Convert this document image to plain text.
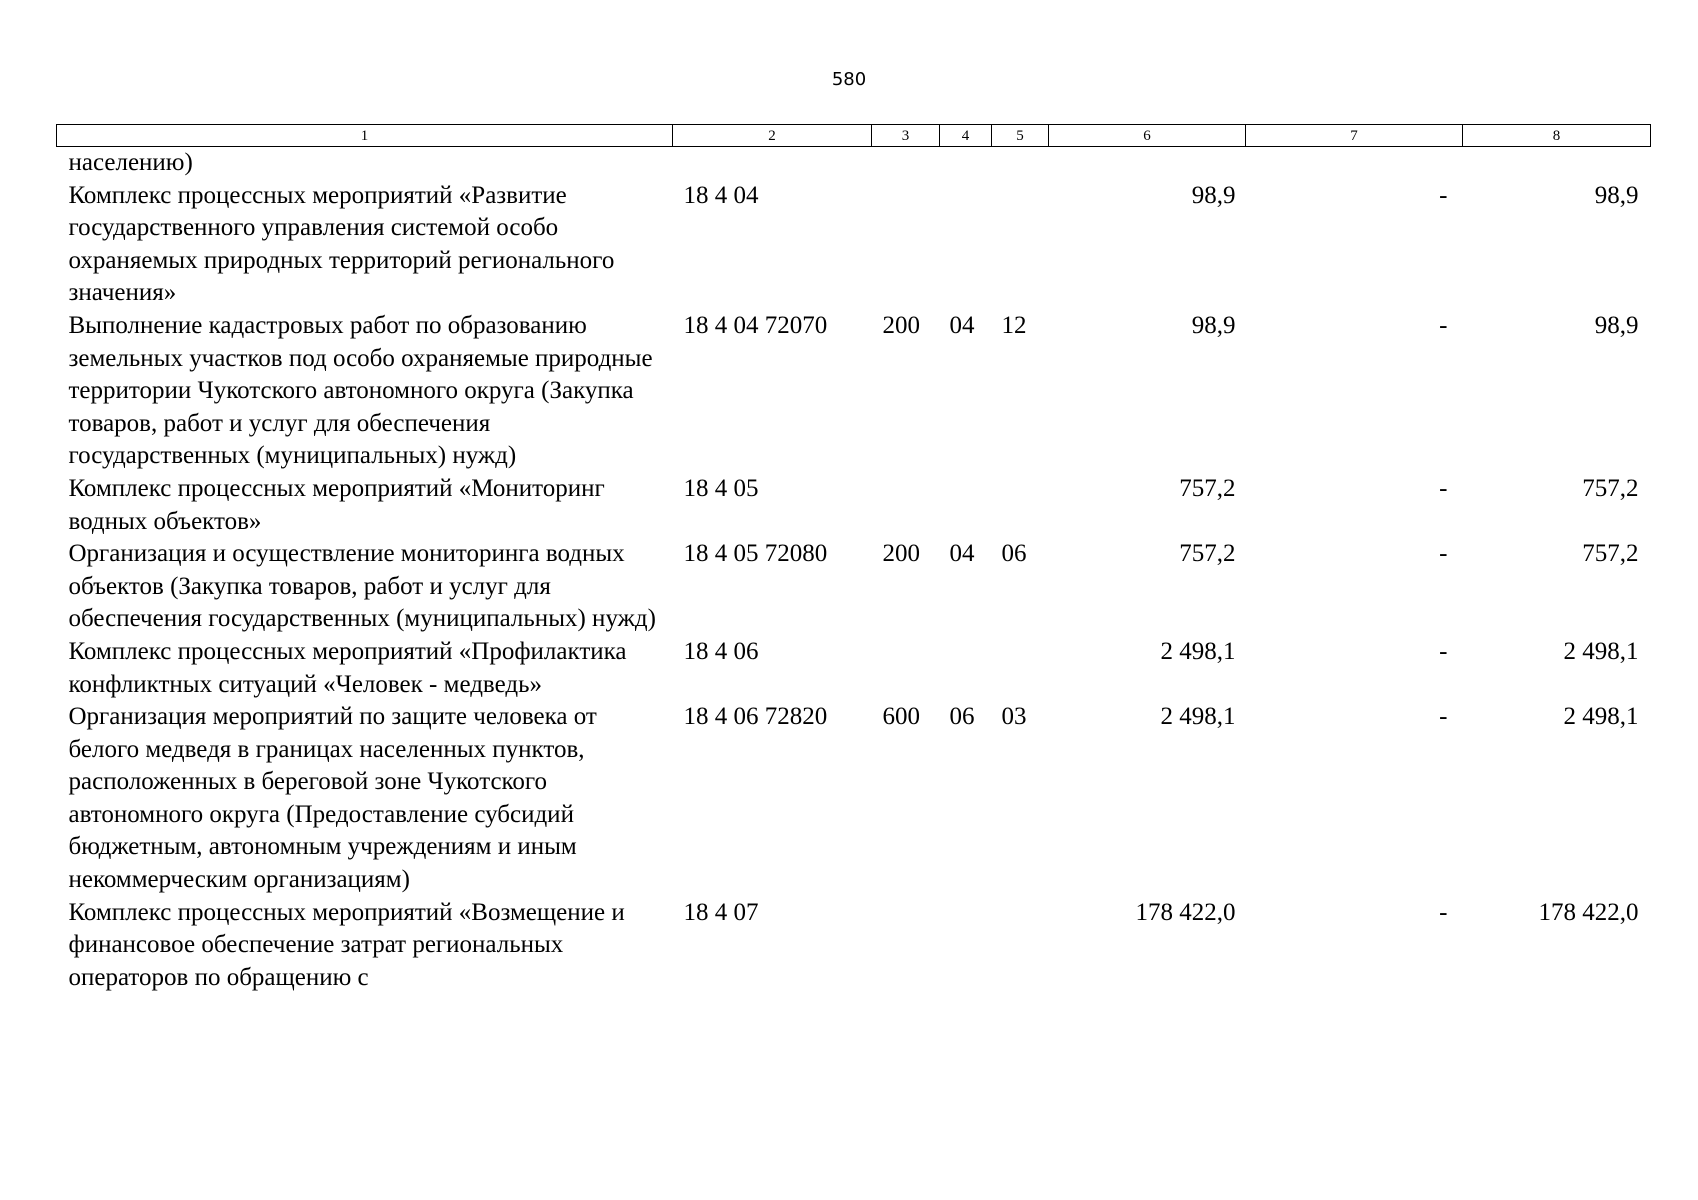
580
1	2	3	4	5	6	7	8
населению)							
Комплекс процессных мероприятий «Развитие государственного управления системой особо охраняемых природных территорий регионального значения»	18 4 04				98,9	-	98,9
Выполнение кадастровых работ по образованию земельных участков под особо охраняемые природные территории Чукотского автономного округа (Закупка товаров, работ и услуг для обеспечения государственных (муниципальных) нужд)	18 4 04 72070	200	04	12	98,9	-	98,9
Комплекс процессных мероприятий «Мониторинг водных объектов»	18 4 05				757,2	-	757,2
Организация и осуществление мониторинга водных объектов (Закупка товаров, работ и услуг для обеспечения государственных (муниципальных) нужд)	18 4 05 72080	200	04	06	757,2	-	757,2
Комплекс процессных мероприятий «Профилактика конфликтных ситуаций «Человек - медведь»	18 4 06				2 498,1	-	2 498,1
Организация мероприятий по защите человека от белого медведя в границах населенных пунктов, расположенных в береговой зоне Чукотского автономного округа (Предоставление субсидий бюджетным, автономным учреждениям и иным некоммерческим организациям)	18 4 06 72820	600	06	03	2 498,1	-	2 498,1
Комплекс процессных мероприятий «Возмещение и финансовое обеспечение затрат региональных операторов по обращению с	18 4 07				178 422,0	-	178 422,0
